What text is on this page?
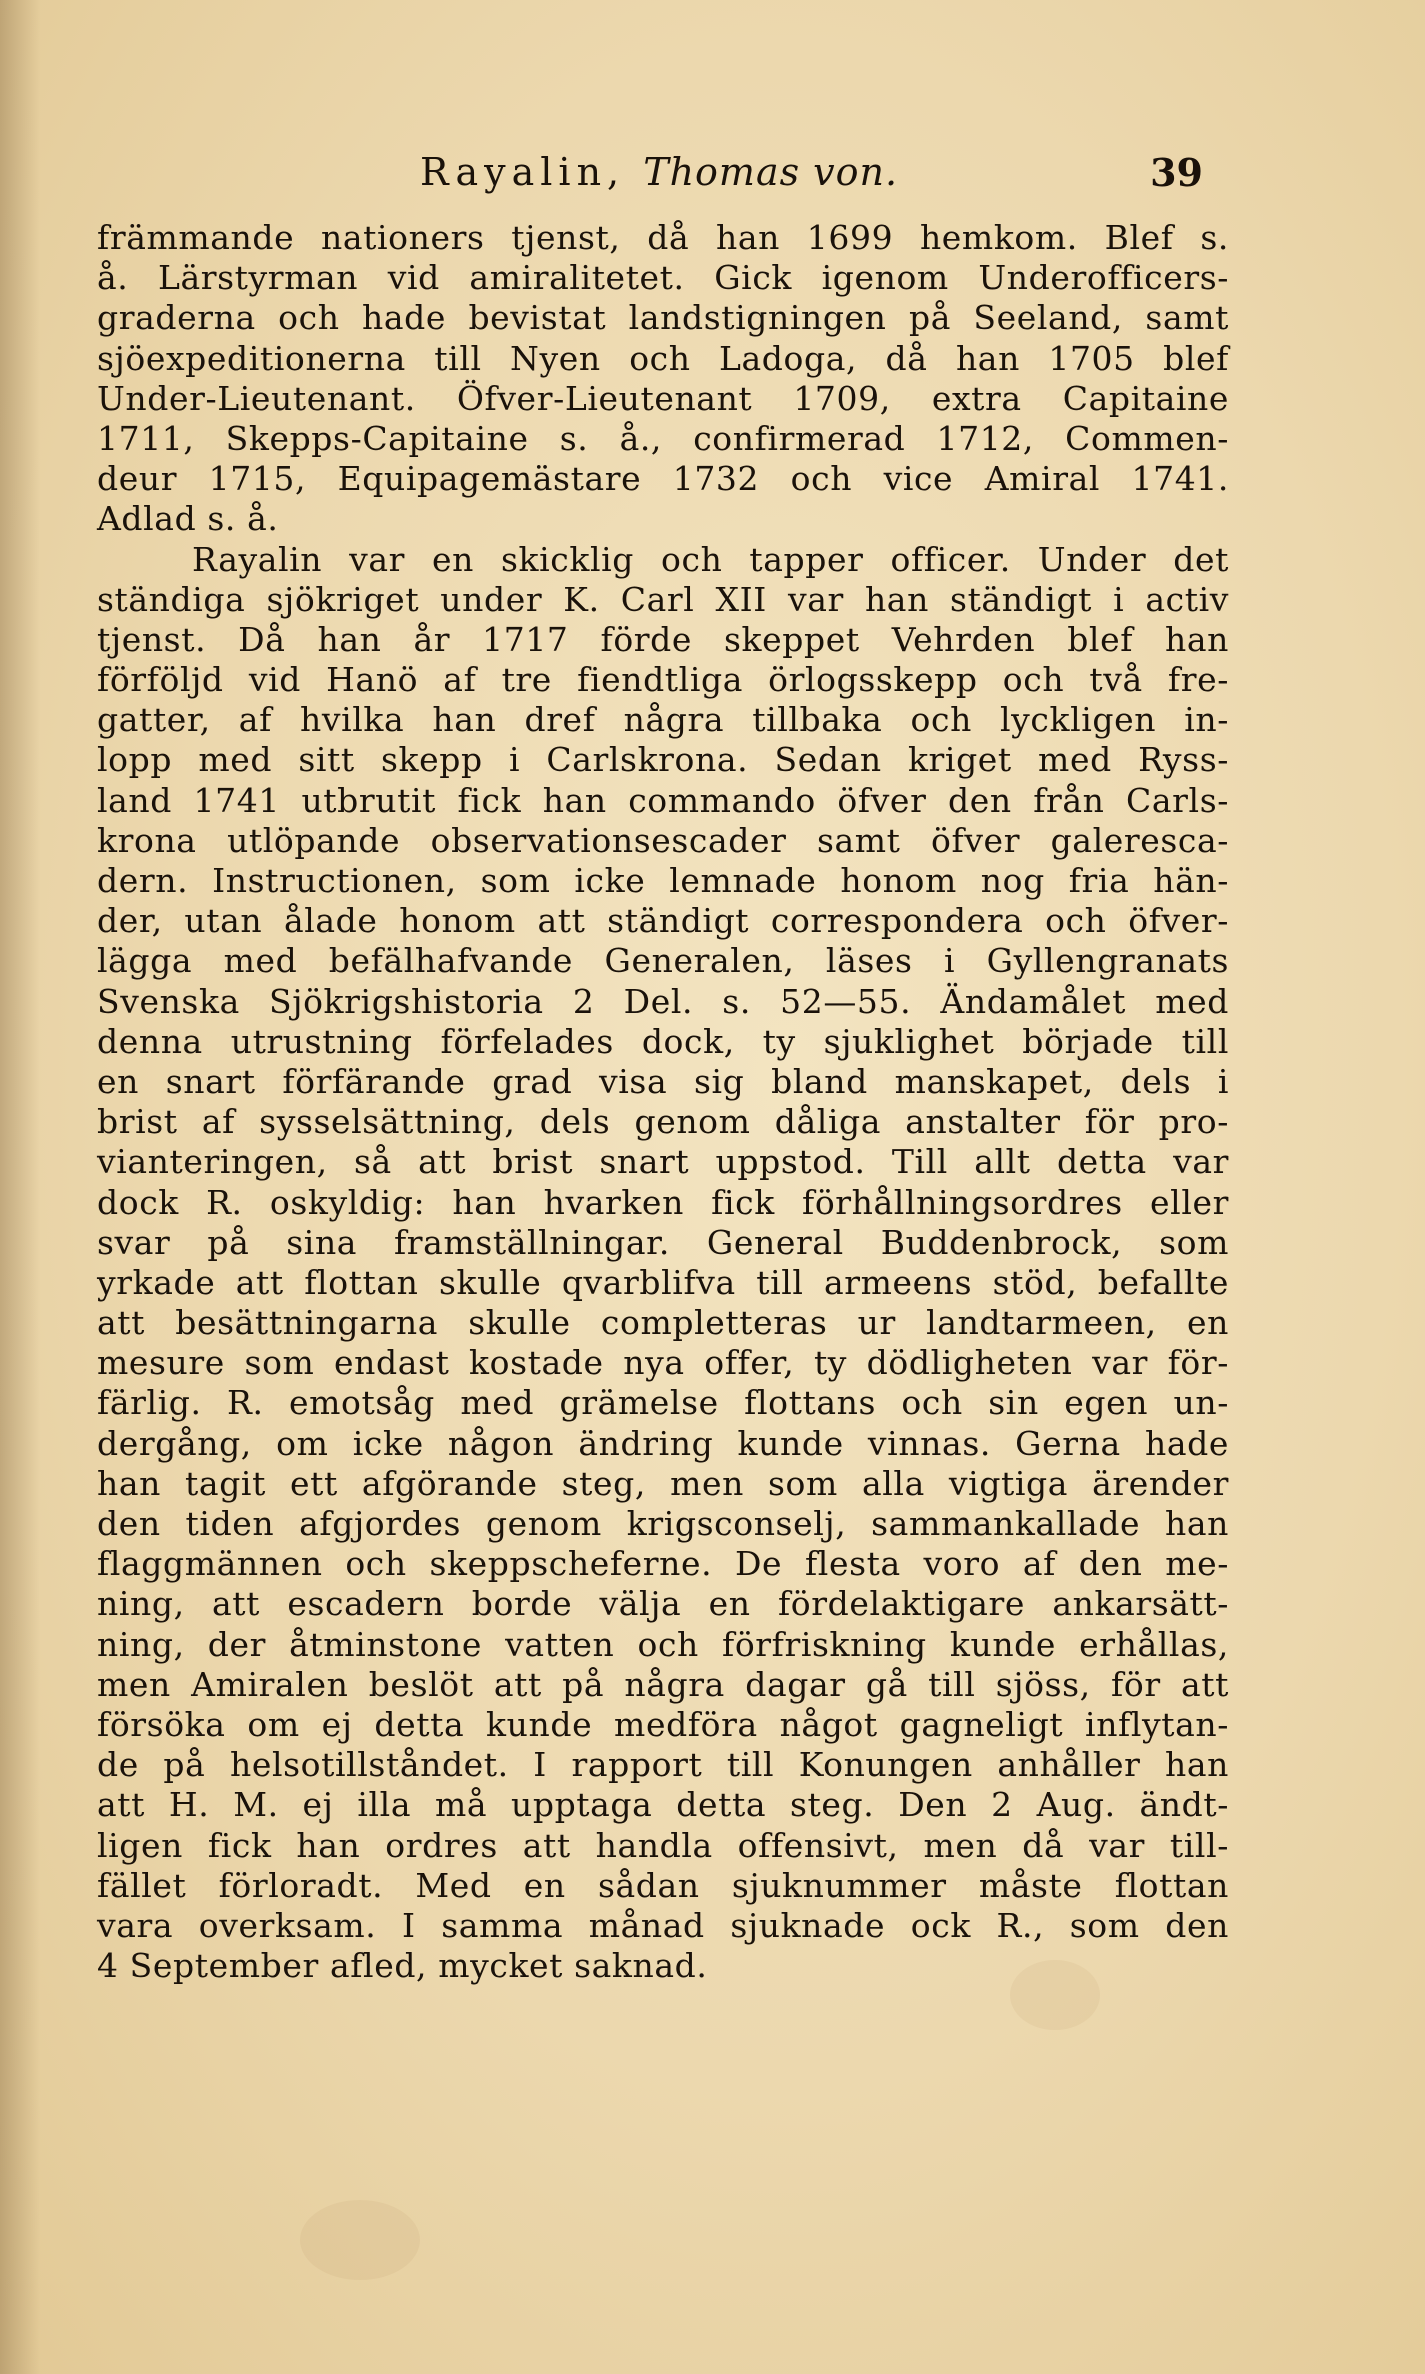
Rayalin, Thomas von.	39
främmande nationers tjenst, då han 1699 hemkom. Blef s.
å. Lärstyrman vid amiralitetet. Gick igenom Underofficers-
graderna och hade bevistat landstigningen på Seeland, samt
sjöexpeditionerna till Nyen och Ladoga, då han 1705 blef
Under-Lieutenant. Öfver-Lieutenant 1709, extra Capitaine
1711, Skepps-Capitaine s. å., confirmerad 1712, Commen-
deur 1715, Equipagemästare 1732 och vice Amiral 1741.
Adlad s. å.
Rayalin var en skicklig och tapper officer. Under det
ständiga sjökriget under K. Carl XII var han ständigt i activ
tjenst. Då han år 1717 förde skeppet Vehrden blef han
förföljd vid Hanö af tre fiendtliga örlogsskepp och två fre-
gatter, af hvilka han dref några tillbaka och lyckligen in-
lopp med sitt skepp i Carlskrona. Sedan kriget med Ryss-
land 1741 utbrutit fick han commando öfver den från Carls-
krona utlöpande observationsescader samt öfver galeresca-
dern. Instructionen, som icke lemnade honom nog fria hän-
der, utan ålade honom att ständigt correspondera och öfver-
lägga med befälhafvande Generalen, läses i Gyllengranats
Svenska Sjökrigshistoria 2 Del. s. 52—55. Ändamålet med
denna utrustning förfelades dock, ty sjuklighet började till
en snart förfärande grad visa sig bland manskapet, dels i
brist af sysselsättning, dels genom dåliga anstalter för pro-
vianteringen, så att brist snart uppstod. Till allt detta var
dock R. oskyldig: han hvarken fick förhållningsordres eller
svar på sina framställningar. General Buddenbrock, som
yrkade att flottan skulle qvarblifva till armeens stöd, befallte
att besättningarna skulle completteras ur landtarmeen, en
mesure som endast kostade nya offer, ty dödligheten var för-
färlig. R. emotsåg med grämelse flottans och sin egen un-
dergång, om icke någon ändring kunde vinnas. Gerna hade
han tagit ett afgörande steg, men som alla vigtiga ärender
den tiden afgjordes genom krigsconselj, sammankallade han
flaggmännen och skeppscheferne. De flesta voro af den me-
ning, att escadern borde välja en fördelaktigare ankarsätt-
ning, der åtminstone vatten och förfriskning kunde erhållas,
men Amiralen beslöt att på några dagar gå till sjöss, för att
försöka om ej detta kunde medföra något gagneligt inflytan-
de på helsotillståndet. I rapport till Konungen anhåller han
att H. M. ej illa må upptaga detta steg. Den 2 Aug. ändt-
ligen fick han ordres att handla offensivt, men då var till-
fället förloradt. Med en sådan sjuknummer måste flottan
vara overksam. I samma månad sjuknade ock R., som den
4 September afled, mycket saknad.
